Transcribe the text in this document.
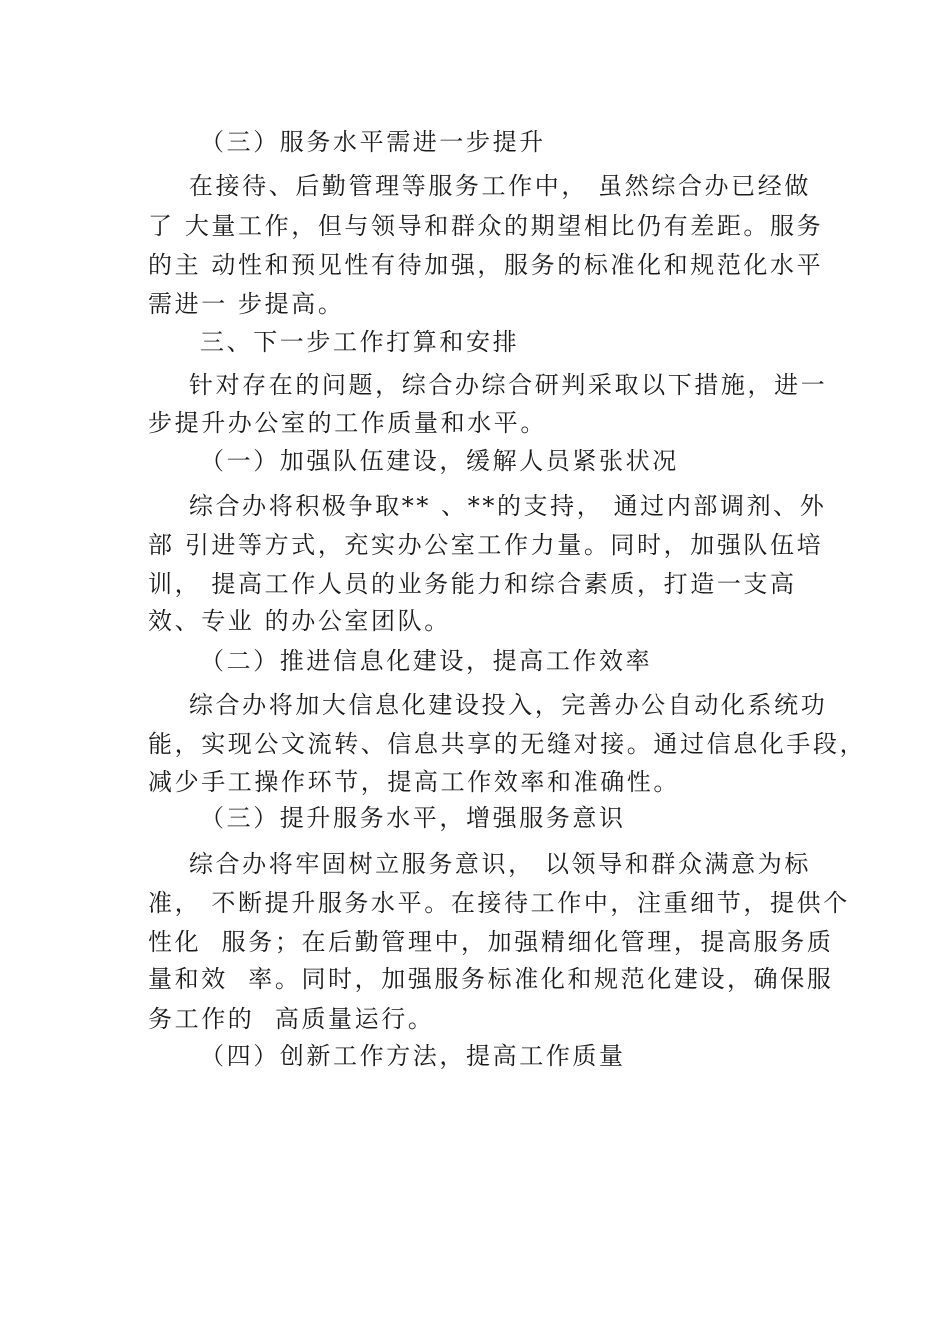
（三）服务水平需进一步提升
在接待、后勤管理等服务工作中， 虽然综合办已经做
了 大量工作，但与领导和群众的期望相比仍有差距。服务
的主 动性和预见性有待加强，服务的标准化和规范化水平
需进一 步提高。
三、下一步工作打算和安排
针对存在的问题，综合办综合研判采取以下措施，进一
步提升办公室的工作质量和水平。
（一）加强队伍建设，缓解人员紧张状况
综合办将积极争取** 、**的支持， 通过内部调剂、外
部 引进等方式，充实办公室工作力量。同时，加强队伍培
训， 提高工作人员的业务能力和综合素质，打造一支高
效、专业 的办公室团队。
（二）推进信息化建设，提高工作效率
综合办将加大信息化建设投入，完善办公自动化系统功
能，实现公文流转、信息共享的无缝对接。通过信息化手段，
减少手工操作环节，提高工作效率和准确性。
（三）提升服务水平，增强服务意识
综合办将牢固树立服务意识， 以领导和群众满意为标
准， 不断提升服务水平。在接待工作中，注重细节，提供个
性化  服务；在后勤管理中，加强精细化管理，提高服务质
量和效  率。同时，加强服务标准化和规范化建设，确保服
务工作的  高质量运行。
（四）创新工作方法，提高工作质量
